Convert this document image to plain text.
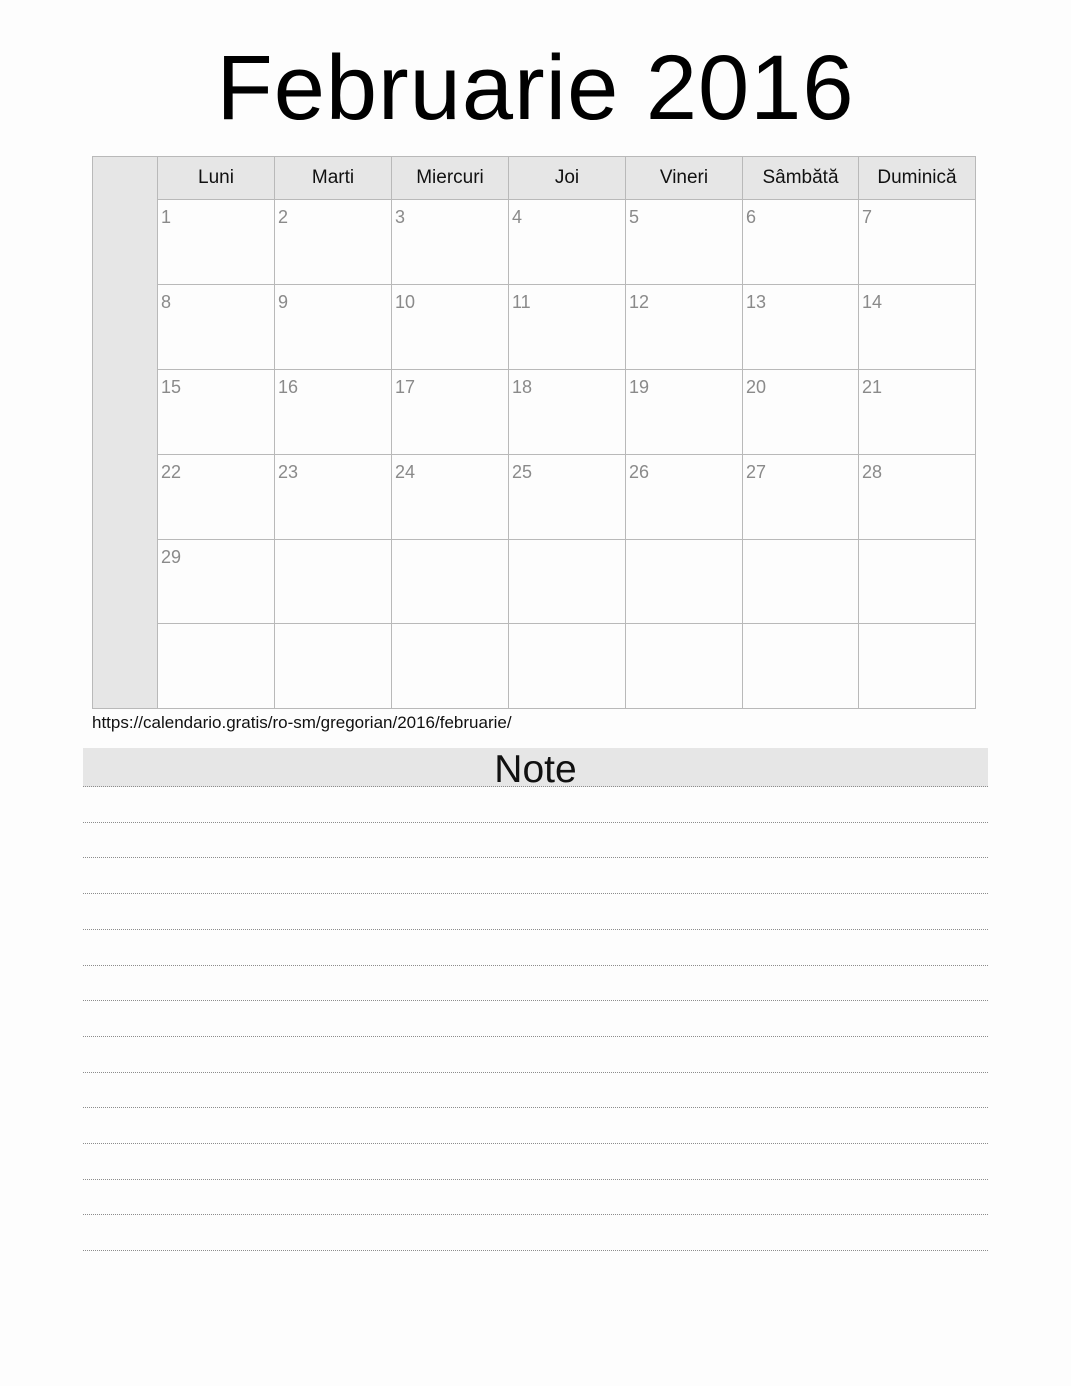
Februarie 2016
Luni	Marti	Miercuri	Joi	Vineri	Sâmbătă	Duminică
1	2	3	4	5	6	7
8	9	10	11	12	13	14
15	16	17	18	19	20	21
22	23	24	25	26	27	28
29
https://calendario.gratis/ro-sm/gregorian/2016/februarie/
Note
